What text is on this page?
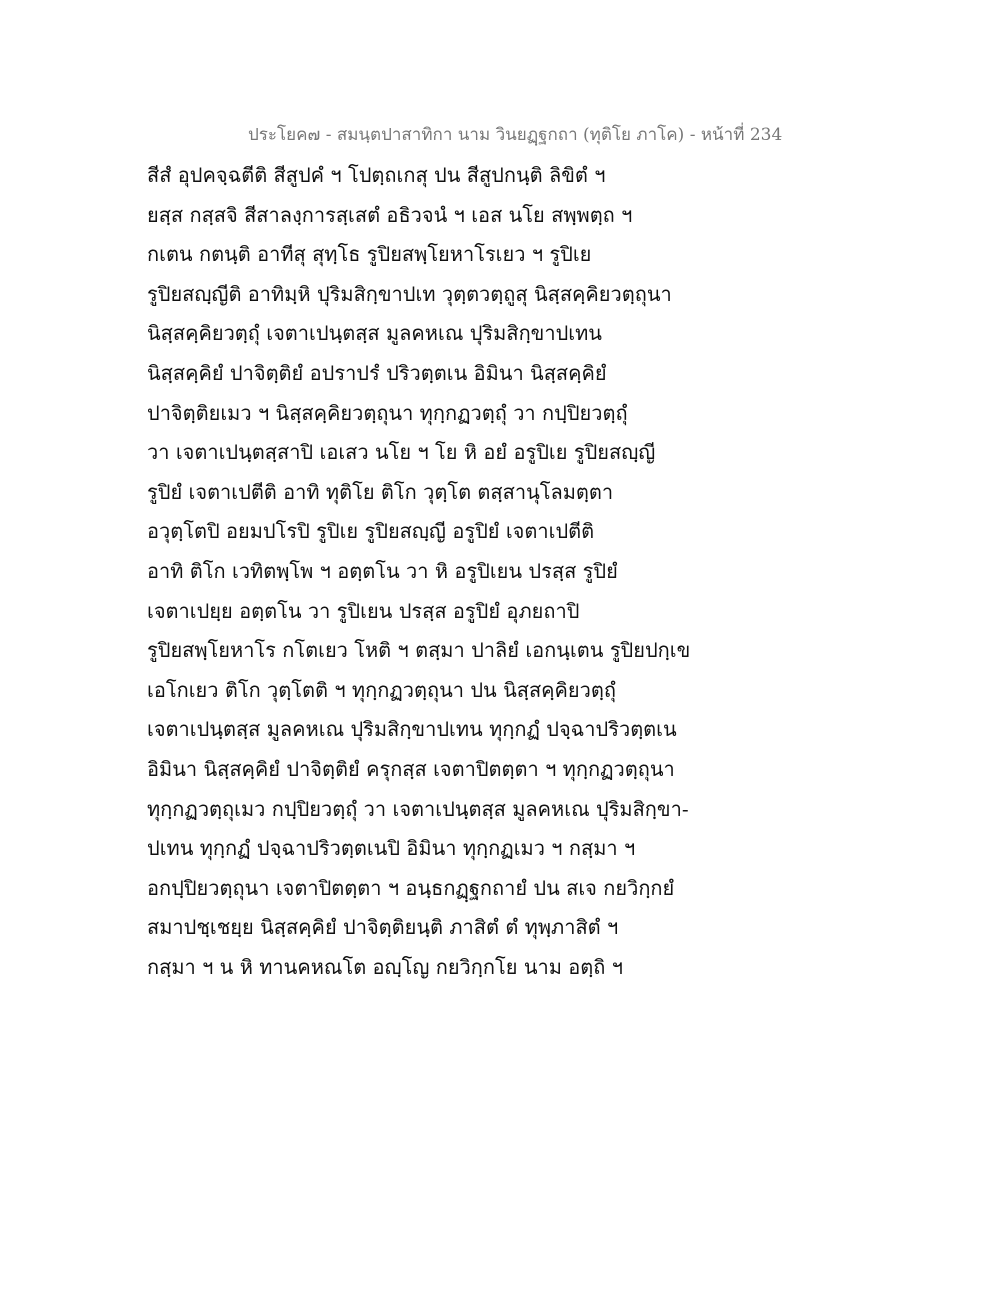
ประโยค๗ - สมนฺตปาสาทิกา นาม วินยฏฺฐกถา (ทุติโย ภาโค) - หน้าที่ 234
สีสํ อุปคจฺฉตีติ สีสูปคํ ฯ โปตฺถเกสุ ปน สีสูปกนฺติ ลิขิตํ ฯ
ยสฺส กสฺสจิ สีสาลงฺการสฺเสตํ อธิวจนํ ฯ เอส นโย สพฺพตฺถ ฯ
กเตน กตนฺติ อาทีสุ สุทฺโธ รูปิยสพฺโยหาโรเยว ฯ รูปิเย
รูปิยสญฺญีติ อาทิมฺหิ ปุริมสิกฺขาปเท วุตฺตวตฺถูสุ นิสฺสคฺคิยวตฺถุนา
นิสฺสคฺคิยวตฺถุํ เจตาเปนฺตสฺส มูลคหเณ ปุริมสิกฺขาปเทน
นิสฺสคฺคิยํ ปาจิตฺติยํ อปราปรํ ปริวตฺตเน อิมินา นิสฺสคฺคิยํ
ปาจิตฺติยเมว ฯ นิสฺสคฺคิยวตฺถุนา ทุกฺกฏวตฺถุํ วา กปฺปิยวตฺถุํ
วา เจตาเปนฺตสฺสาปิ เอเสว นโย ฯ โย หิ อยํ อรูปิเย รูปิยสญฺญี
รูปิยํ เจตาเปตีติ อาทิ ทุติโย ติโก วุตฺโต ตสฺสานุโลมตฺตา
อวุตฺโตปิ อยมปโรปิ รูปิเย รูปิยสญฺญี อรูปิยํ เจตาเปตีติ
อาทิ ติโก เวทิตพฺโพ ฯ อตฺตโน วา หิ อรูปิเยน ปรสฺส รูปิยํ
เจตาเปยฺย อตฺตโน วา รูปิเยน ปรสฺส อรูปิยํ อุภยถาปิ
รูปิยสพฺโยหาโร กโตเยว โหติ ฯ ตสฺมา ปาลิยํ เอกนฺเตน รูปิยปกฺเข
เอโกเยว ติโก วุตฺโตติ ฯ ทุกฺกฏวตฺถุนา ปน นิสฺสคฺคิยวตฺถุํ
เจตาเปนฺตสฺส มูลคหเณ ปุริมสิกฺขาปเทน ทุกฺกฏํ ปจฺฉาปริวตฺตเน
อิมินา นิสฺสคฺคิยํ ปาจิตฺติยํ ครุกสฺส เจตาปิตตฺตา ฯ ทุกฺกฏวตฺถุนา
ทุกฺกฏวตฺถุเมว กปฺปิยวตฺถุํ วา เจตาเปนฺตสฺส มูลคหเณ ปุริมสิกฺขา-
ปเทน ทุกฺกฏํ ปจฺฉาปริวตฺตเนปิ อิมินา ทุกฺกฏเมว ฯ กสฺมา ฯ
อกปฺปิยวตฺถุนา เจตาปิตตฺตา ฯ อนฺธกฏฺฐกถายํ ปน สเจ กยวิกฺกยํ
สมาปชฺเชยฺย นิสฺสคฺคิยํ ปาจิตฺติยนฺติ ภาสิตํ ตํ ทุพฺภาสิตํ ฯ
กสฺมา ฯ น หิ ทานคหณโต อญฺโญ กยวิกฺกโย นาม อตฺถิ ฯ
